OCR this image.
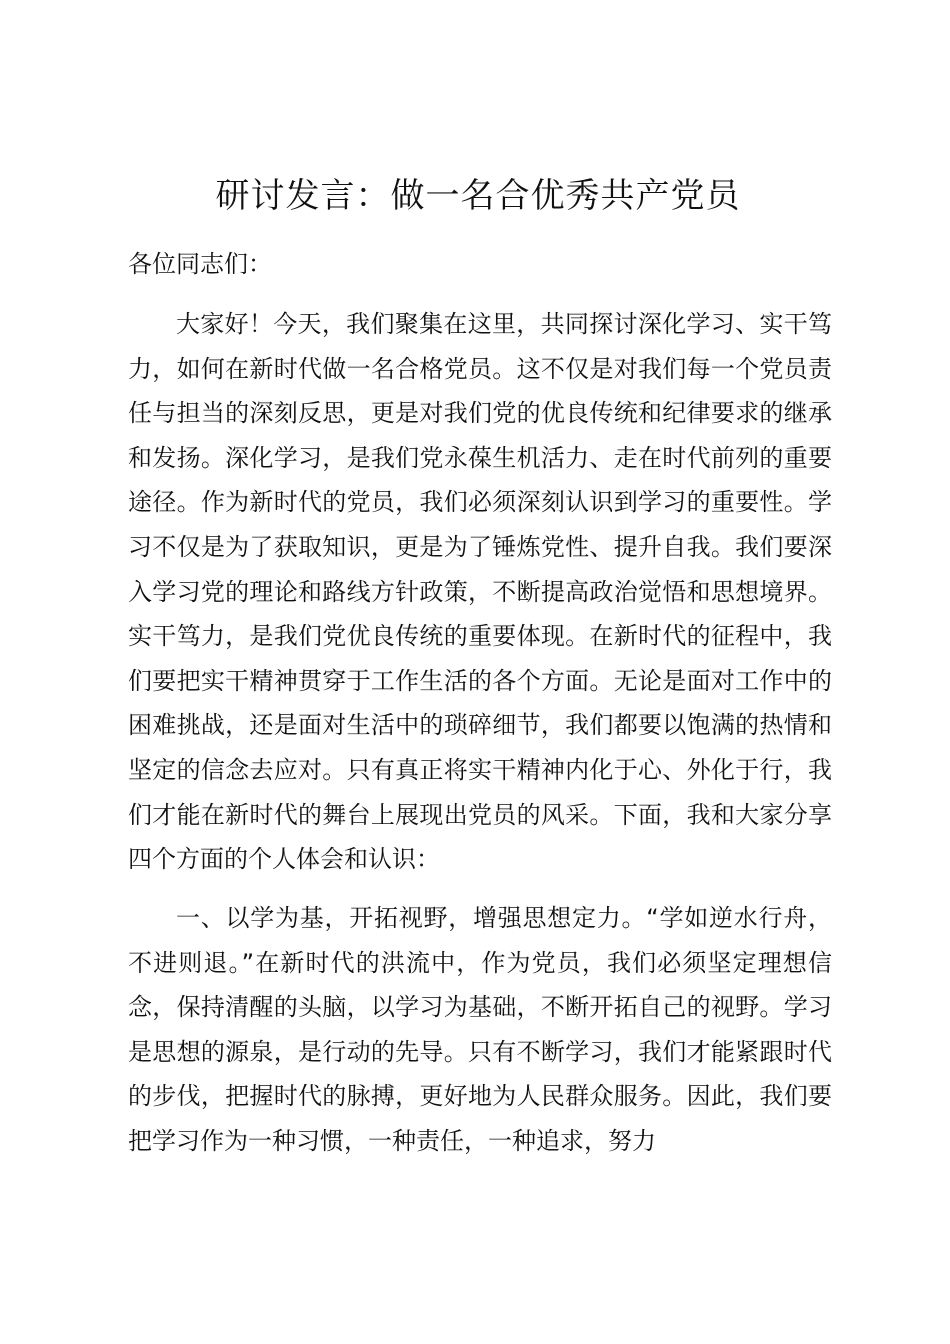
研讨发言：做一名合优秀共产党员

各位同志们：

大家好！今天，我们聚集在这里，共同探讨深化学习、实干笃力，如何在新时代做一名合格党员。这不仅是对我们每一个党员责任与担当的深刻反思，更是对我们党的优良传统和纪律要求的继承和发扬。深化学习，是我们党永葆生机活力、走在时代前列的重要途径。作为新时代的党员，我们必须深刻认识到学习的重要性。学习不仅是为了获取知识，更是为了锤炼党性、提升自我。我们要深入学习党的理论和路线方针政策，不断提高政治觉悟和思想境界。实干笃力，是我们党优良传统的重要体现。在新时代的征程中，我们要把实干精神贯穿于工作生活的各个方面。无论是面对工作中的困难挑战，还是面对生活中的琐碎细节，我们都要以饱满的热情和坚定的信念去应对。只有真正将实干精神内化于心、外化于行，我们才能在新时代的舞台上展现出党员的风采。下面，我和大家分享四个方面的个人体会和认识：

一、以学为基，开拓视野，增强思想定力。“学如逆水行舟，不进则退。”在新时代的洪流中，作为党员，我们必须坚定理想信念，保持清醒的头脑，以学习为基础，不断开拓自己的视野。学习是思想的源泉，是行动的先导。只有不断学习，我们才能紧跟时代的步伐，把握时代的脉搏，更好地为人民群众服务。因此，我们要把学习作为一种习惯，一种责任，一种追求，努力
